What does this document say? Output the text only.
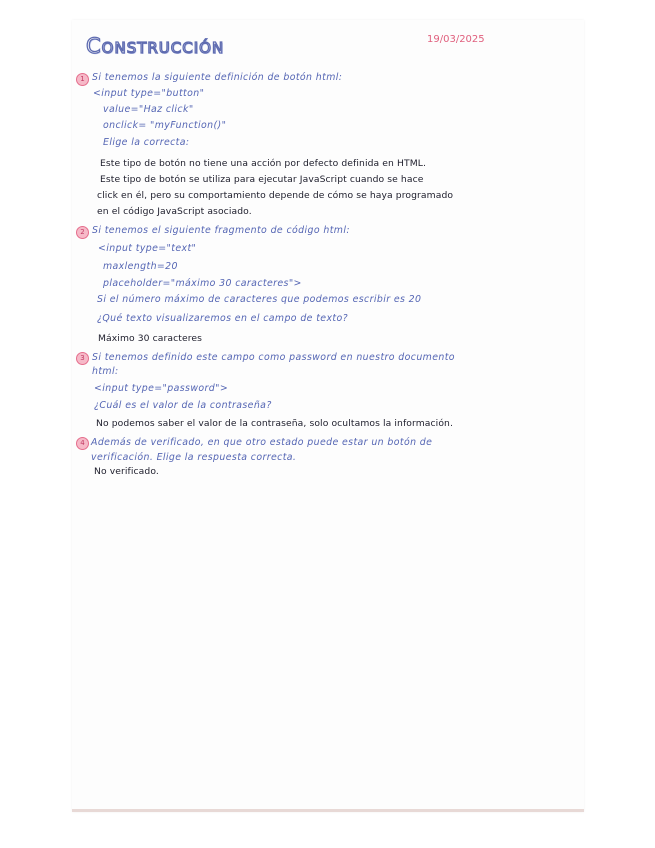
Construcción	19/03/2025
1 Si tenemos la siguiente definición de botón html:
<input type="button"
value="Haz click"
onclick= "myFunction()"
Elige la correcta:
Este tipo de botón no tiene una acción por defecto definida en HTML.
Este tipo de botón se utiliza para ejecutar JavaScript cuando se hace
click en él, pero su comportamiento depende de cómo se haya programado
en el código JavaScript asociado.
2 Si tenemos el siguiente fragmento de código html:
<input type="text"
maxlength=20
placeholder="máximo 30 caracteres">
Si el número máximo de caracteres que podemos escribir es 20
¿Qué texto visualizaremos en el campo de texto?
Máximo 30 caracteres
3 Si tenemos definido este campo como password en nuestro documento
html:
<input type="password">
¿Cuál es el valor de la contraseña?
No podemos saber el valor de la contraseña, solo ocultamos la información.
4 Además de verificado, en que otro estado puede estar un botón de
verificación. Elige la respuesta correcta.
No verificado.
